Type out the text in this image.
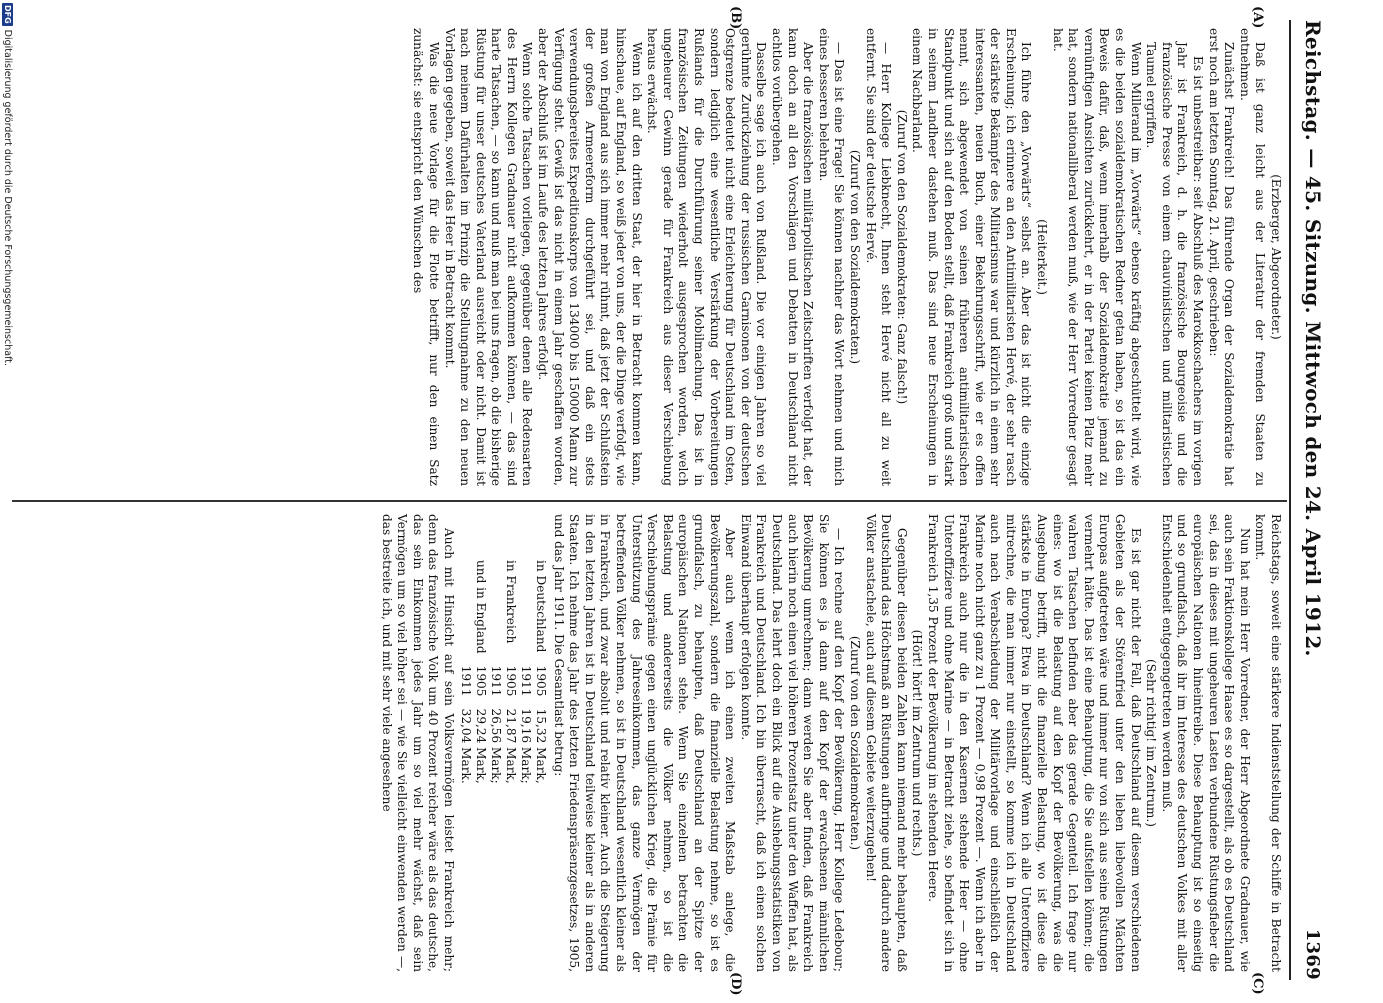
Reichstag. — 45. Sitzung. Mittwoch den 24. April 1912.
1369
(A)
(B)
(C)
(D)

(Erzberger, Abgeordneter.)

Daß ist ganz leicht aus der Literatur der fremden Staaten zu entnehmen.

Zunächst Frankreich! Das führende Organ der Sozialdemokratie hat erst noch am letzten Sonntag, 21. April, geschrieben:

Es ist unbestreitbar: seit Abschluß des Marokkoschachers im vorigen Jahr ist Frankreich, d. h. die französische Bourgeoisie und die französische Presse von einem chauvinistischen und militaristischen Taumel ergriffen.

Wenn Millerand im „Vorwärts“ ebenso kräftig abgeschüttelt wird, wie es die beiden sozialdemokratischen Redner getan haben, so ist das ein Beweis dafür, daß, wenn innerhalb der Sozialdemokratie jemand zu vernünftigen Ansichten zurückkehrt, er in der Partei keinen Platz mehr hat, sondern nationalliberal werden muß, wie der Herr Vorredner gesagt hat.

(Heiterkeit.)

Ich führe den „Vorwärts“ selbst an. Aber das ist nicht die einzige Erscheinung; ich erinnere an den Antimilitaristen Hervé, der sehr rasch der stärkste Bekämpfer des Militarismus war und kürzlich in einem sehr interessanten, neuen Buch, einer Bekehrungsschrift, wie er es offen nennt, sich abgewendet von seinen früheren antimilitaristischen Standpunkt und sich auf den Boden stellt, daß Frankreich groß und stark in seinem Landheer dastehen muß. Das sind neue Erscheinungen in einem Nachbarland.

(Zuruf von den Sozialdemokraten: Ganz falsch!)

— Herr Kollege Liebknecht, Ihnen steht Hervé nicht all zu weit entfernt. Sie sind der deutsche Hervé.

(Zuruf von den Sozialdemokraten.)

— Das ist eine Frage! Sie können nachher das Wort nehmen und mich eines besseren belehren.

Aber die französischen militärpolitischen Zeitschriften verfolgt hat, der kann doch an all den Vorschlägen und Debatten in Deutschland nicht achtlos vorübergehen.

Dasselbe sage ich auch von Rußland. Die vor einigen Jahren so viel gerühmte Zurückziehung der russischen Garnisonen von der deutschen Ostgrenze bedeutet nicht eine Erleichterung für Deutschland im Osten, sondern lediglich eine wesentliche Verstärkung der Vorbereitungen Rußlands für die Durchführung seiner Mobilmachung. Das ist in französischen Zeitungen wiederholt ausgesprochen worden, welch ungeheurer Gewinn gerade für Frankreich aus dieser Verschiebung heraus erwächst.

Wenn ich auf den dritten Staat, der hier in Betracht kommen kann, hinschaue, auf England, so weiß jeder von uns, der die Dinge verfolgt, wie man von England aus sich immer mehr rühmt, daß jetzt der Schlußstein der großen Armeereform durchgeführt sei, und daß ein stets verwendungsbereites Expeditionskorps von 134000 bis 150000 Mann zur Verfügung steht. Gewiß ist das nicht in einem Jahr geschaffen worden, aber der Abschluß ist im Laufe des letzten Jahres erfolgt.

Wenn solche Tatsachen vorliegen, gegenüber denen alle Redensarten des Herrn Kollegen Gradnauer nicht aufkommen können, — das sind harte Tatsachen, — so kann und muß man bei uns fragen, ob die bisherige Rüstung für unser deutsches Vaterland ausreicht oder nicht. Damit ist nach meinem Dafürhalten im Prinzip die Stellungnahme zu den neuen Vorlagen gegeben, soweit das Heer in Betracht kommt.

Was die neue Vorlage für die Flotte betrifft, nur den einen Satz zunächst: sie entspricht den Wünschen des

Reichstags, soweit eine stärkere Indienststellung der Schiffe in Betracht kommt.

Nun hat mein Herr Vorredner, der Herr Abgeordnete Gradnauer, wie auch sein Fraktionskollege Haase es so dargestellt, als ob es Deutschland sei, das in dieses mit ungeheuren Lasten verbundene Rüstungsfieber die europäischen Nationen hineintreibe. Diese Behauptung ist so einseitig und so grundfalsch, daß ihr im Interesse des deutschen Volkes mit aller Entschiedenheit entgegengetreten werden muß.

(Sehr richtig! im Zentrum.)

Es ist gar nicht der Fall, daß Deutschland auf diesem verschiedenen Gebieten als der Störenfried unter den lieben liebevollen Mächten Europas aufgetreten wäre und immer nur von sich aus seine Rüstungen vermehrt hätte. Das ist eine Behauptung, die Sie aufstellen können; die wahren Tatsachen befinden aber das gerade Gegenteil. Ich frage nur eines: wo ist die Belastung auf den Kopf der Bevölkerung, was die Ausgebung betrifft, nicht die finanzielle Belastung, wo ist diese die stärkste in Europa? Etwa in Deutschland? Wenn ich alle Unteroffiziere mitrechne, die man immer nur einstellt, so komme ich in Deutschland auch nach Verabschiedung der Militärvorlage und einschließlich der Marine noch nicht ganz zu 1 Prozent — 0,98 Prozent —. Wenn ich aber in Frankreich auch nur die in den Kasernen stehende Heer — ohne Unteroffiziere und ohne Marine — in Betracht ziehe, so befindet sich in Frankreich 1,35 Prozent der Bevölkerung im stehenden Heere.

(Hört! hört! im Zentrum und rechts.)

Gegenüber diesen beiden Zahlen kann niemand mehr behaupten, daß Deutschland das Höchstmaß an Rüstungen aufbringe und dadurch andere Völker anstachele, auch auf diesem Gebiete weiterzugehen!

(Zuruf von den Sozialdemokraten.)

— Ich rechne auf den Kopf der Bevölkerung, Herr Kollege Ledebour; Sie können es ja dann auf den Kopf der erwachsenen männlichen Bevölkerung umrechnen; dann werden Sie aber finden, daß Frankreich auch hierin noch einen viel höheren Prozentsatz unter den Waffen hat, als Deutschland. Das lehrt doch ein Blick auf die Aushebungsstatistiken von Frankreich und Deutschland. Ich bin überrascht, daß ich einen solchen Einwand überhaupt erfolgen konnte.

Aber auch wenn ich einen zweiten Maßstab anlege, die Bevölkerungszahl, sondern die finanzielle Belastung nehme, so ist es grundfalsch, zu behaupten, daß Deutschland an der Spitze der europäischen Nationen stehe. Wenn Sie einzelnen betrachten die Belastung und andererseits die Völker nehmen, so ist die Verschiebungsprämie gegen einen unglücklichen Krieg, die Prämie für Unterstützung des Jahreseinkommen, das ganze Vermögen der betreffenden Völker nehmen, so ist in Deutschland wesentlich kleiner als in Frankreich, und zwar absolut und relativ kleiner. Auch die Steigerung in den letzten Jahren ist in Deutschland teilweise kleiner als in anderen Staaten. Ich nehme das Jahr des letzten Friedenspräsenzgesetzes, 1905, und das Jahr 1911. Die Gesamtlast betrug:

in Deutschland	1905	15,32 Mark,
	1911	19,16 Mark;
in Frankreich	1905	21,87 Mark,
	1911	26,56 Mark;
und in England	1905	29,24 Mark,
	1911	32,04 Mark.

Auch mit Hinsicht auf sein Volksvermögen leistet Frankreich mehr; denn das französische Volk um 40 Prozent reicher wäre als das deutsche, das sein Einkommen jedes Jahr um so viel mehr wächst, daß sein Vermögen um so viel höher sei — wie Sie vielleicht einwenden werden —, das bestreite ich, und mit sehr viele angesehene

DFG
Digitalisierung gefördert durch die Deutsche Forschungsgemeinschaft.
